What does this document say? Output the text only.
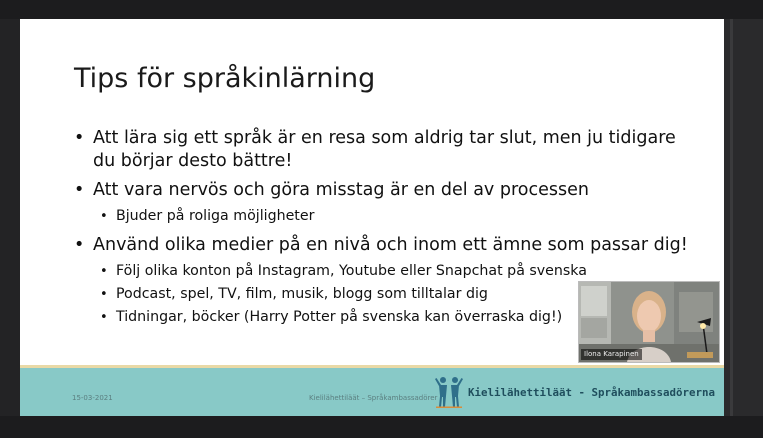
Tips för språkinlärning
• Att lära sig ett språk är en resa som aldrig tar slut, men ju tidigare du börjar desto bättre!
• Att vara nervös och göra misstag är en del av processen
• Bjuder på roliga möjligheter
• Använd olika medier på en nivå och inom ett ämne som passar dig!
• Följ olika konton på Instagram, Youtube eller Snapchat på svenska
• Podcast, spel, TV, film, musik, blogg som tilltalar dig
• Tidningar, böcker (Harry Potter på svenska kan överraska dig!)
15-03-2021	Kielilähettiläät – Språkambassadörer	Kielilähettiläät - Språkambassadörerna
Ilona Karapinen
